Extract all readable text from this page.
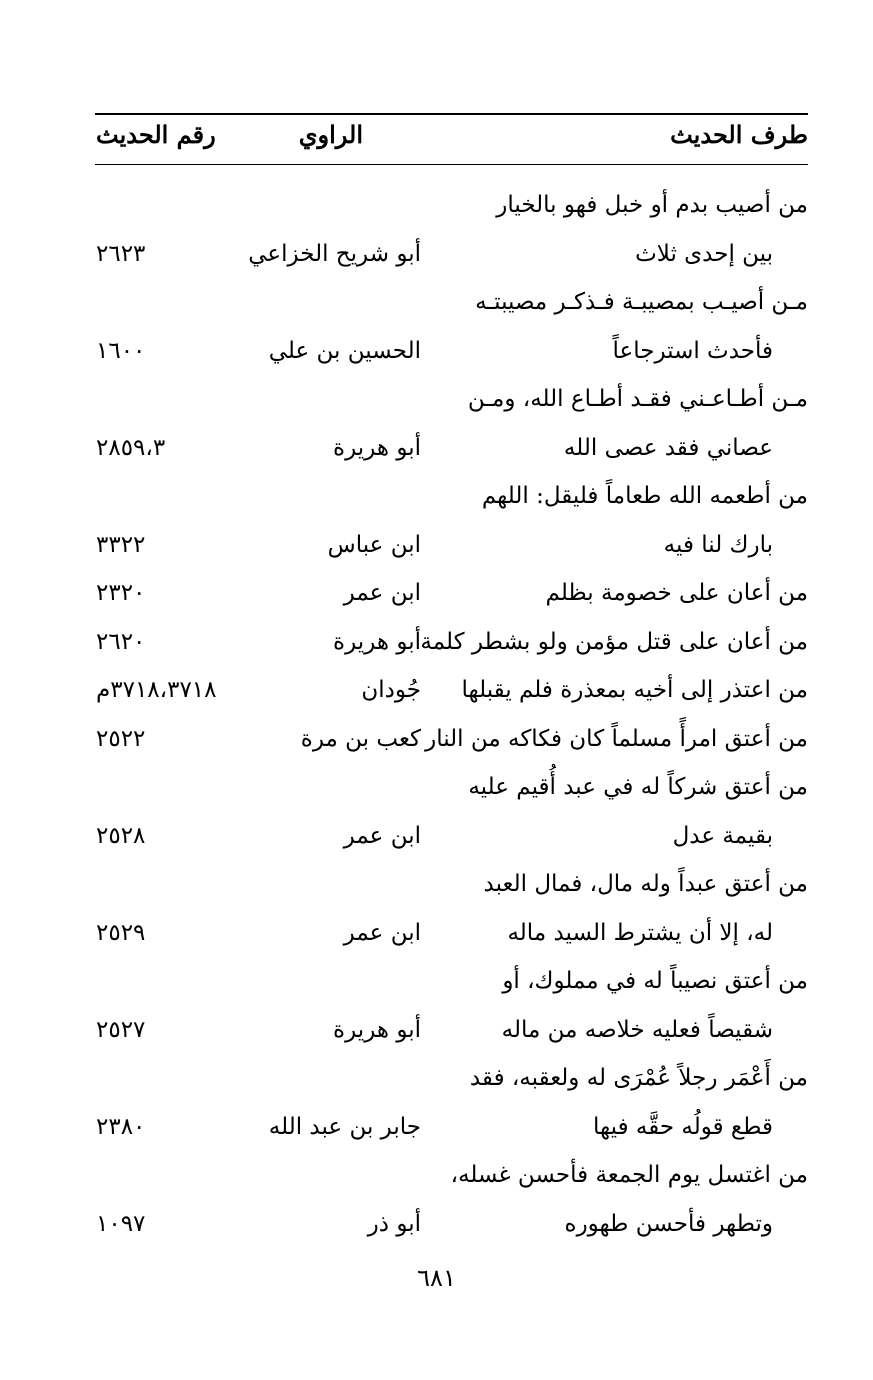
طرف الحديث
الراوي
رقم الحديث
من أصيب بدم أو خبل فهو بالخيار
بين إحدى ثلاث
أبو شريح الخزاعي
٢٦٢٣
مـن أصيـب بمصيبـة فـذكـر مصيبتـه
فأحدث استرجاعاً
الحسين بن علي
١٦٠٠
مـن أطـاعـني فقـد أطـاع الله، ومـن
عصاني فقد عصى الله
أبو هريرة
٢٨٥٩،٣
من أطعمه الله طعاماً فليقل: اللهم
بارك لنا فيه
ابن عباس
٣٣٢٢
من أعان على خصومة بظلم
ابن عمر
٢٣٢٠
من أعان على قتل مؤمن ولو بشطر كلمة
أبو هريرة
٢٦٢٠
من اعتذر إلى أخيه بمعذرة فلم يقبلها
جُودان
٣٧١٨،٣٧١٨م
من أعتق امرأً مسلماً كان فكاكه من النار
كعب بن مرة
٢٥٢٢
من أعتق شركاً له في عبد أُقيم عليه
بقيمة عدل
ابن عمر
٢٥٢٨
من أعتق عبداً وله مال، فمال العبد
له، إلا أن يشترط السيد ماله
ابن عمر
٢٥٢٩
من أعتق نصيباً له في مملوك، أو
شقيصاً فعليه خلاصه من ماله
أبو هريرة
٢٥٢٧
من أَعْمَر رجلاً عُمْرَى له ولعقبه، فقد
قطع قولُه حقَّه فيها
جابر بن عبد الله
٢٣٨٠
من اغتسل يوم الجمعة فأحسن غسله،
وتطهر فأحسن طهوره
أبو ذر
١٠٩٧
٦٨١
